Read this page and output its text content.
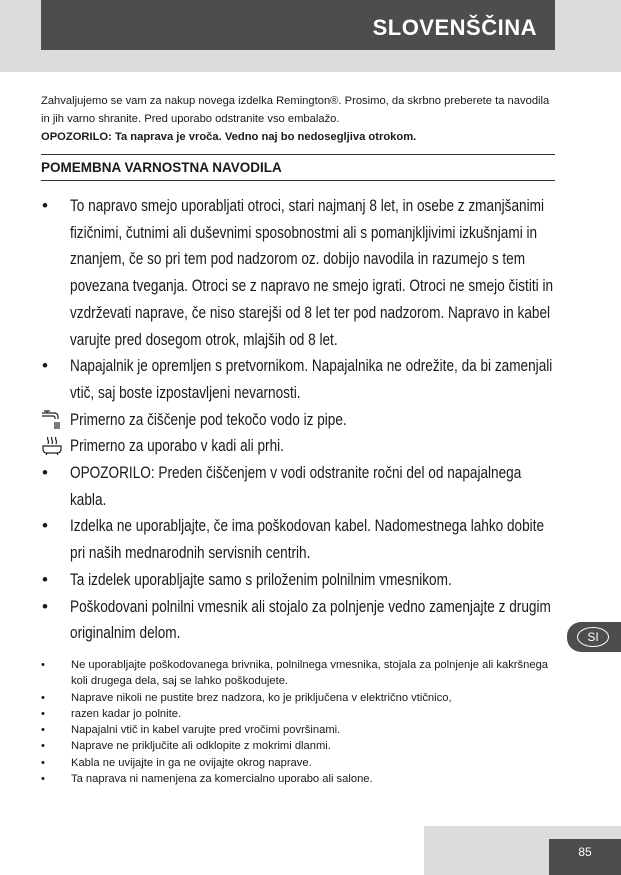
SLOVENŠČINA
Zahvaljujemo se vam za nakup novega izdelka Remington®. Prosimo, da skrbno preberete ta navodila in jih varno shranite. Pred uporabo odstranite vso embalažo.
OPOZORILO: Ta naprava je vroča. Vedno naj bo nedosegljiva otrokom.
POMEMBNA VARNOSTNA NAVODILA
•	To napravo smejo uporabljati otroci, stari najmanj 8 let, in osebe z zmanjšanimi fizičnimi, čutnimi ali duševnimi sposobnostmi ali s pomanjkljivimi izkušnjami in znanjem, če so pri tem pod nadzorom oz. dobijo navodila in razumejo s tem povezana tveganja. Otroci se z napravo ne smejo igrati. Otroci ne smejo čistiti in vzdrževati naprave, če niso starejši od 8 let ter pod nadzorom. Napravo in kabel varujte pred dosegom otrok, mlajših od 8 let.
•	Napajalnik je opremljen s pretvornikom. Napajalnika ne odrežite, da bi zamenjali vtič, saj boste izpostavljeni nevarnosti.
Primerno za čiščenje pod tekočo vodo iz pipe.
Primerno za uporabo v kadi ali prhi.
•	OPOZORILO: Preden čiščenjem v vodi odstranite ročni del od napajalnega kabla.
•	Izdelka ne uporabljajte, če ima poškodovan kabel. Nadomestnega lahko dobite pri naših mednarodnih servisnih centrih.
•	Ta izdelek uporabljajte samo s priloženim polnilnim vmesnikom.
•	Poškodovani polnilni vmesnik ali stojalo za polnjenje vedno zamenjajte z drugim originalnim delom.
• Ne uporabljajte poškodovanega brivnika, polnilnega vmesnika, stojala za polnjenje ali kakršnega koli drugega dela, saj se lahko poškodujete.
• Naprave nikoli ne pustite brez nadzora, ko je priključena v električno vtičnico,
• razen kadar jo polnite.
• Napajalni vtič in kabel varujte pred vročimi površinami.
• Naprave ne priključite ali odklopite z mokrimi dlanmi.
• Kabla ne uvijajte in ga ne ovijajte okrog naprave.
• Ta naprava ni namenjena za komercialno uporabo ali salone.
SI
85
